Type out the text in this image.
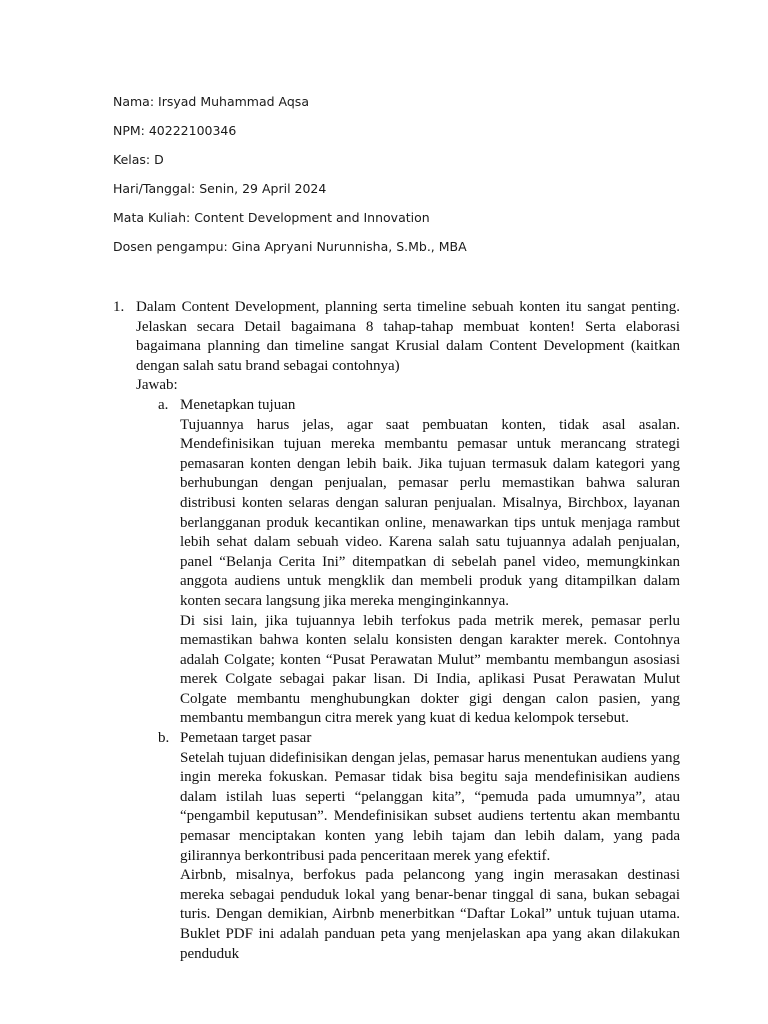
Nama: Irsyad Muhammad Aqsa
NPM: 40222100346
Kelas: D
Hari/Tanggal: Senin, 29 April 2024
Mata Kuliah: Content Development and Innovation
Dosen pengampu: Gina Apryani Nurunnisha, S.Mb., MBA
1. Dalam Content Development, planning serta timeline sebuah konten itu sangat penting. Jelaskan secara Detail bagaimana 8 tahap-tahap membuat konten! Serta elaborasi bagaimana planning dan timeline sangat Krusial dalam Content Development (kaitkan dengan salah satu brand sebagai contohnya)
Jawab:
a. Menetapkan tujuan
Tujuannya harus jelas, agar saat pembuatan konten, tidak asal asalan. Mendefinisikan tujuan mereka membantu pemasar untuk merancang strategi pemasaran konten dengan lebih baik. Jika tujuan termasuk dalam kategori yang berhubungan dengan penjualan, pemasar perlu memastikan bahwa saluran distribusi konten selaras dengan saluran penjualan. Misalnya, Birchbox, layanan berlangganan produk kecantikan online, menawarkan tips untuk menjaga rambut lebih sehat dalam sebuah video. Karena salah satu tujuannya adalah penjualan, panel “Belanja Cerita Ini” ditempatkan di sebelah panel video, memungkinkan anggota audiens untuk mengklik dan membeli produk yang ditampilkan dalam konten secara langsung jika mereka menginginkannya.
Di sisi lain, jika tujuannya lebih terfokus pada metrik merek, pemasar perlu memastikan bahwa konten selalu konsisten dengan karakter merek. Contohnya adalah Colgate; konten “Pusat Perawatan Mulut” membantu membangun asosiasi merek Colgate sebagai pakar lisan. Di India, aplikasi Pusat Perawatan Mulut Colgate membantu menghubungkan dokter gigi dengan calon pasien, yang membantu membangun citra merek yang kuat di kedua kelompok tersebut.
b. Pemetaan target pasar
Setelah tujuan didefinisikan dengan jelas, pemasar harus menentukan audiens yang ingin mereka fokuskan. Pemasar tidak bisa begitu saja mendefinisikan audiens dalam istilah luas seperti “pelanggan kita”, “pemuda pada umumnya”, atau “pengambil keputusan”. Mendefinisikan subset audiens tertentu akan membantu pemasar menciptakan konten yang lebih tajam dan lebih dalam, yang pada gilirannya berkontribusi pada penceritaan merek yang efektif.
Airbnb, misalnya, berfokus pada pelancong yang ingin merasakan destinasi mereka sebagai penduduk lokal yang benar-benar tinggal di sana, bukan sebagai turis. Dengan demikian, Airbnb menerbitkan “Daftar Lokal” untuk tujuan utama. Buklet PDF ini adalah panduan peta yang menjelaskan apa yang akan dilakukan penduduk
